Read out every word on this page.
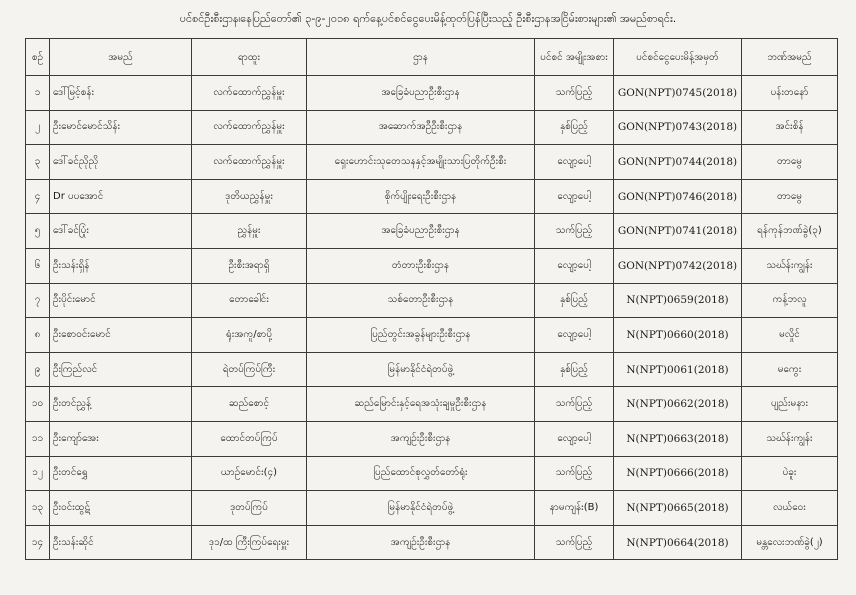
ပင်စင်ဦးစီးဌာန၊နေပြည်တော်၏ ၃-၉-၂၀၁၈ ရက်နေ့ပင်စင်ငွေပေးမိန့်ထုတ်ပြန်ပြီးသည့် ဦးစီးဌာနအငြိမ်းစားများ၏ အမည်စာရင်း.
စဉ်	အမည်	ရာထူး	ဌာန	ပင်စင် အမျိုးအစား	ပင်စင်ငွေပေးမိန့်အမှတ်	ဘဏ်အမည်
၁	ဒေါ်မြင့်စန်း	လက်ထောက်ညွှန်မှူး	အခြေခံပညာဦးစီးဌာန	သက်ပြည့်	GON(NPT)0745(2018)	ပန်းတနော်
၂	ဦးမောင်မောင်သိန်း	လက်ထောက်ညွှန်မှူး	အဆောက်အဦဦးစီးဌာန	နှစ်ပြည့်	GON(NPT)0743(2018)	အင်းစိန်
၃	ဒေါ်ခင်ညိုညို	လက်ထောက်ညွှန်မှူး	ရှေးဟောင်းသုတေသနနှင့်အမျိုးသားပြတိုက်ဦးစီး	လျော့ပေါ့	GON(NPT)0744(2018)	တာမွေ
၄	Dr ပပအောင်	ဒုတိယညွှန်မှူး	စိုက်ပျိုးရေးဦးစီးဌာန	လျော့ပေါ့	GON(NPT)0746(2018)	တာမွေ
၅	ဒေါ်ခင်ပြုံး	ညွှန်မှူး	အခြေခံပညာဦးစီးဌာန	သက်ပြည့်	GON(NPT)0741(2018)	ရန်ကုန်ဘဏ်ခွဲ(၃)
၆	ဦးသန်းရှိန်	ဦးစီးအရာရှိ	တံတားဦးစီးဌာန	လျော့ပေါ့	GON(NPT)0742(2018)	သဃ်န်းကျွန်း
၇	ဦးပိုင်းမောင်	တောခေါင်း	သစ်တောဦးစီးဌာန	နှစ်ပြည့်	N(NPT)0659(2018)	ကန့်ဘလူ
၈	ဦးစောဝင်းမောင်	ရုံးအကူ/စာပို့	ပြည်တွင်းအခွန်များဦးစီးဌာန	လျော့ပေါ့	N(NPT)0660(2018)	မလှိုင်
၉	ဦးကြည်လင်	ရဲတပ်ကြပ်ကြီး	မြန်မာနိုင်ငံရဲတပ်ဖွဲ့	နှစ်ပြည့်	N(NPT)0061(2018)	မကွေး
၁၀	ဦးတင်ညွှန့်	ဆည်စောင့်	ဆည်မြောင်းနှင့်ရေအသုံးချမှုဦးစီးဌာန	သက်ပြည့်	N(NPT)0662(2018)	ပျည်းမနား
၁၁	ဦးကျော်အေး	ထောင်တပ်ကြပ်	အကျဉ်းဦးစီးဌာန	လျော့ပေါ့	N(NPT)0663(2018)	သဃ်န်းကျွန်း
၁၂	ဦးတင်ရွှေ	ယာဉ်မောင်း(၄)	ပြည်ထောင်စုလွှတ်တော်ရုံး	သက်ပြည့်	N(NPT)0666(2018)	ပဲခူး
၁၃	ဦးဝင်းထွဋ်	ဒုတပ်ကြပ်	မြန်မာနိုင်ငံရဲတပ်ဖွဲ့	နာမကျန်း(B)	N(NPT)0665(2018)	လယ်ဝေး
၁၄	ဦးသန်းဆိုင်	ဒု၁/ထ ကြီးကြပ်ရေးမှူး	အကျဉ်းဦးစီးဌာန	သက်ပြည့်	N(NPT)0664(2018)	မန္တလေးဘဏ်ခွဲ(၂)
